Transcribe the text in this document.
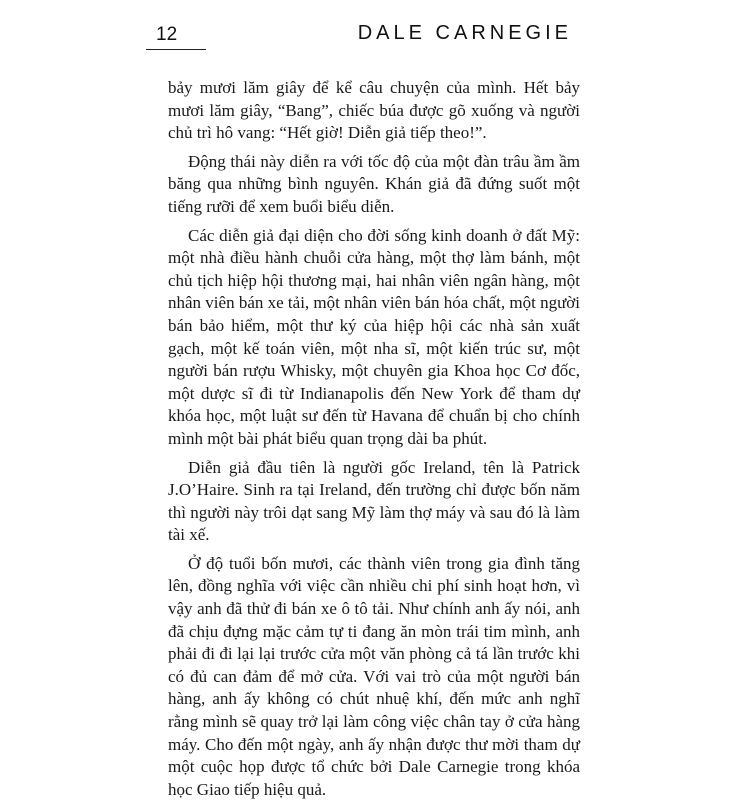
12	DALE CARNEGIE

bảy mươi lăm giây để kể câu chuyện của mình. Hết bảy mươi lăm giây, “Bang”, chiếc búa được gõ xuống và người chủ trì hô vang: “Hết giờ! Diễn giả tiếp theo!”.

Động thái này diễn ra với tốc độ của một đàn trâu ầm ầm băng qua những bình nguyên. Khán giả đã đứng suốt một tiếng rưỡi để xem buổi biểu diễn.

Các diễn giả đại diện cho đời sống kinh doanh ở đất Mỹ: một nhà điều hành chuỗi cửa hàng, một thợ làm bánh, một chủ tịch hiệp hội thương mại, hai nhân viên ngân hàng, một nhân viên bán xe tải, một nhân viên bán hóa chất, một người bán bảo hiểm, một thư ký của hiệp hội các nhà sản xuất gạch, một kế toán viên, một nha sĩ, một kiến trúc sư, một người bán rượu Whisky, một chuyên gia Khoa học Cơ đốc, một dược sĩ đi từ Indianapolis đến New York để tham dự khóa học, một luật sư đến từ Havana để chuẩn bị cho chính mình một bài phát biểu quan trọng dài ba phút.

Diễn giả đầu tiên là người gốc Ireland, tên là Patrick J.O’Haire. Sinh ra tại Ireland, đến trường chỉ được bốn năm thì người này trôi dạt sang Mỹ làm thợ máy và sau đó là làm tài xế.

Ở độ tuổi bốn mươi, các thành viên trong gia đình tăng lên, đồng nghĩa với việc cần nhiều chi phí sinh hoạt hơn, vì vậy anh đã thử đi bán xe ô tô tải. Như chính anh ấy nói, anh đã chịu đựng mặc cảm tự ti đang ăn mòn trái tim mình, anh phải đi đi lại lại trước cửa một văn phòng cả tá lần trước khi có đủ can đảm để mở cửa. Với vai trò của một người bán hàng, anh ấy không có chút nhuệ khí, đến mức anh nghĩ rằng mình sẽ quay trở lại làm công việc chân tay ở cửa hàng máy. Cho đến một ngày, anh ấy nhận được thư mời tham dự một cuộc họp được tổ chức bởi Dale Carnegie trong khóa học Giao tiếp hiệu quả.
